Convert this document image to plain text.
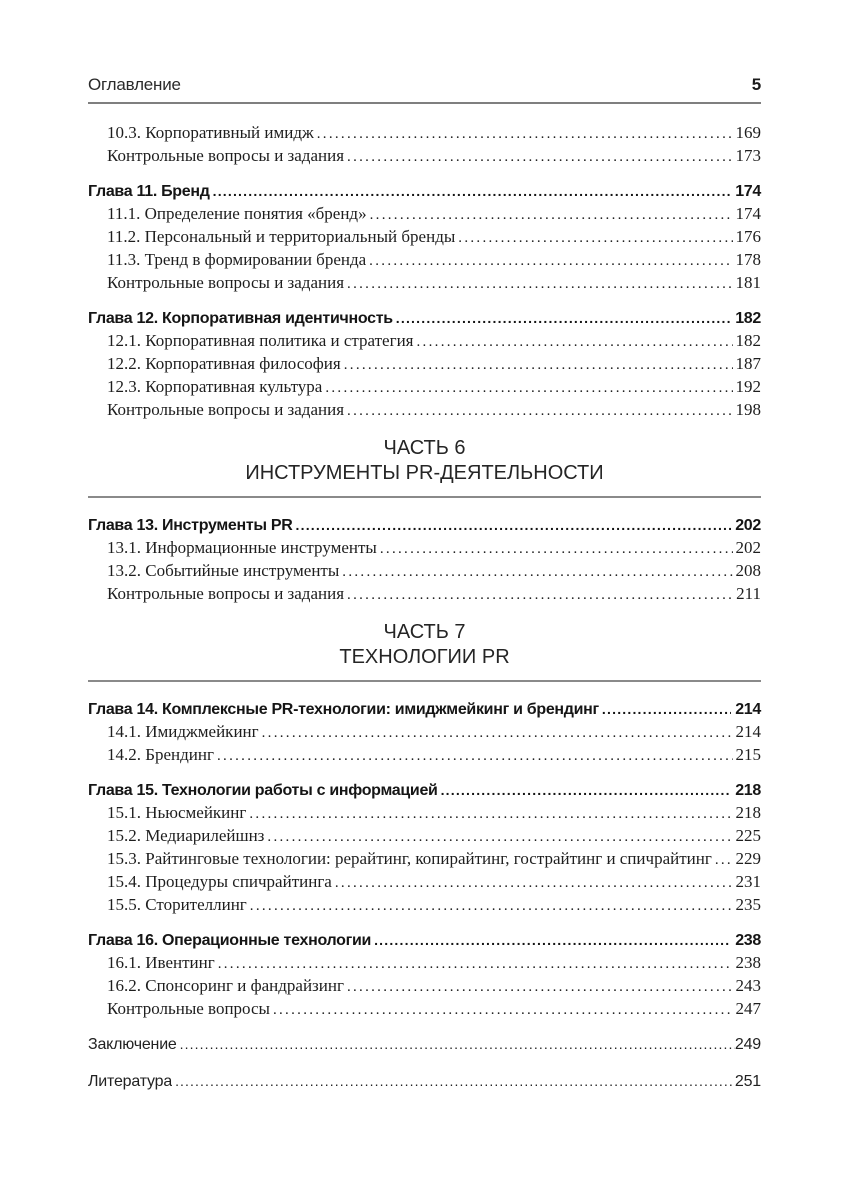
Оглавление	5
10.3. Корпоративный имидж .....	169
Контрольные вопросы и задания .....	173
Глава 11. Бренд .....	174
11.1. Определение понятия «бренд» .....	174
11.2. Персональный и территориальный бренды .....	176
11.3. Тренд в формировании бренда .....	178
Контрольные вопросы и задания .....	181
Глава 12. Корпоративная идентичность .....	182
12.1. Корпоративная политика и стратегия .....	182
12.2. Корпоративная философия .....	187
12.3. Корпоративная культура .....	192
Контрольные вопросы и задания .....	198
ЧАСТЬ 6
ИНСТРУМЕНТЫ PR-ДЕЯТЕЛЬНОСТИ
Глава 13. Инструменты PR .....	202
13.1. Информационные инструменты .....	202
13.2. Событийные инструменты .....	208
Контрольные вопросы и задания .....	211
ЧАСТЬ 7
ТЕХНОЛОГИИ PR
Глава 14. Комплексные PR-технологии: имиджмейкинг и брендинг .....	214
14.1. Имиджмейкинг .....	214
14.2. Брендинг .....	215
Глава 15. Технологии работы с информацией .....	218
15.1. Ньюсмейкинг .....	218
15.2. Медиарилейшнз .....	225
15.3. Райтинговые технологии: рерайтинг, копирайтинг, гострайтинг и спичрайтинг ..... 229
15.4. Процедуры спичрайтинга .....	231
15.5. Сторителлинг .....	235
Глава 16. Операционные технологии .....	238
16.1. Ивентинг .....	238
16.2. Спонсоринг и фандрайзинг .....	243
Контрольные вопросы .....	247
Заключение .....	249
Литература .....	251
